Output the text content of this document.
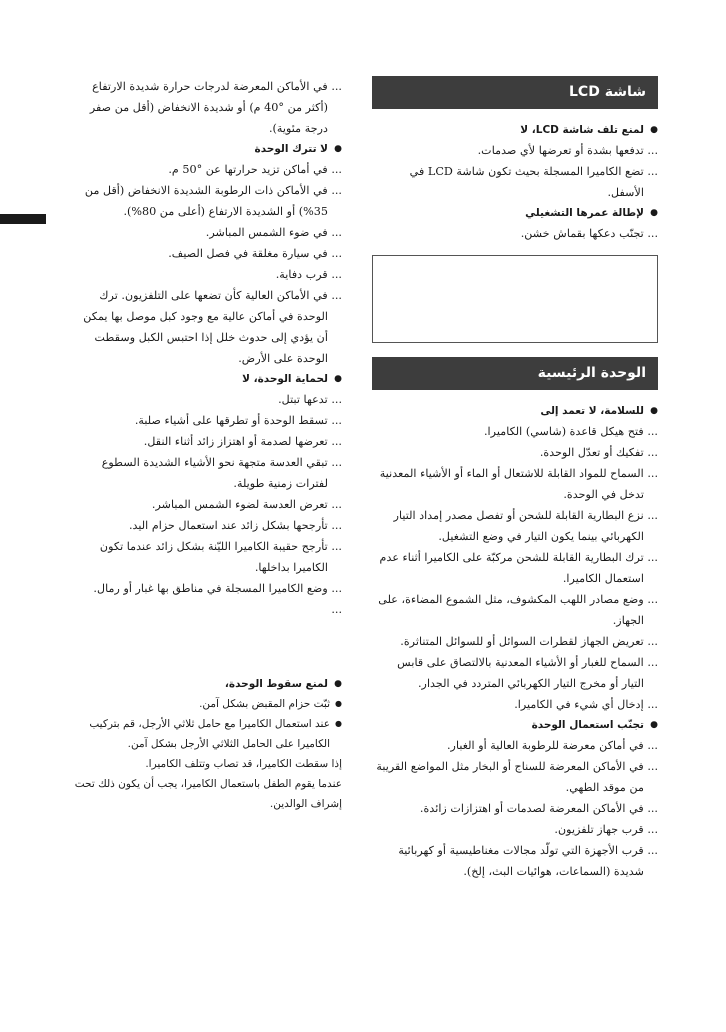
شاشة LCD
● لمنع تلف شاشة LCD، لا
... تدفعها بشدة أو تعرضها لأي صدمات.
... تضع الكاميرا المسجلة بحيث تكون شاشة LCD في الأسفل.
● لإطالة عمرها التشغيلي
... تجنّب دعكها بقماش خشن.
الوحدة الرئيسية
● للسلامة، لا تعمد إلى
... فتح هيكل قاعدة (شاسي) الكاميرا.
... تفكيك أو تعدّل الوحدة.
... السماح للمواد القابلة للاشتعال أو الماء أو الأشياء المعدنية تدخل في الوحدة.
... نزع البطارية القابلة للشحن أو تفصل مصدر إمداد التيار الكهربائي بينما يكون التيار في وضع التشغيل.
... ترك البطارية القابلة للشحن مركبّة على الكاميرا أثناء عدم استعمال الكاميرا.
... وضع مصادر اللهب المكشوف، مثل الشموع المضاءة، على الجهاز.
... تعريض الجهاز لقطرات السوائل أو للسوائل المتناثرة.
... السماح للغبار أو الأشياء المعدنية بالالتصاق على قابس التيار أو مخرج التيار الكهربائي المتردد في الجدار.
... إدخال أي شيء في الكاميرا.
● تجنّب استعمال الوحدة
... في أماكن معرضة للرطوبة العالية أو الغبار.
... في الأماكن المعرضة للسناج أو البخار مثل المواضع القريبة من موقد الطهي.
... في الأماكن المعرضة لصدمات أو اهتزازات زائدة.
... قرب جهاز تلفزيون.
... قرب الأجهزة التي تولّد مجالات مغناطيسية أو كهربائية شديدة (السماعات، هوائيات البث، إلخ).
... في الأماكن المعرضة لدرجات حرارة شديدة الارتفاع (أكثر من °40 م) أو شديدة الانخفاض (أقل من صفر درجة مئوية).
● لا تترك الوحدة
... في أماكن تزيد حرارتها عن °50 م.
... في الأماكن ذات الرطوبة الشديدة الانخفاض (أقل من 35%) أو الشديدة الارتفاع (أعلى من 80%).
... في ضوء الشمس المباشر.
... في سيارة مغلقة في فصل الصيف.
... قرب دفاية.
... في الأماكن العالية كأن تضعها على التلفزيون. ترك الوحدة في أماكن عالية مع وجود كبل موصل بها يمكن أن يؤدي إلى حدوث خلل إذا احتبس الكبل وسقطت الوحدة على الأرض.
● لحماية الوحدة، لا
... تدعها تبتل.
... تسقط الوحدة أو تطرقها على أشياء صلبة.
... تعرضها لصدمة أو اهتزاز زائد أثناء النقل.
... تبقي العدسة متجهة نحو الأشياء الشديدة السطوع لفترات زمنية طويلة.
... تعرض العدسة لضوء الشمس المباشر.
... تأرجحها بشكل زائد عند استعمال حزام اليد.
... تأرجح حقيبة الكاميرا الليّنة بشكل زائد عندما تكون الكاميرا بداخلها.
... وضع الكاميرا المسجلة في مناطق بها غبار أو رمال.
...
● لمنع سقوط الوحدة،
● ثبّت حزام المقبض بشكل آمن.
● عند استعمال الكاميرا مع حامل ثلاثي الأرجل، قم بتركيب الكاميرا على الحامل الثلاثي الأرجل بشكل آمن.
إذا سقطت الكاميرا، قد تصاب وتتلف الكاميرا.
عندما يقوم الطفل باستعمال الكاميرا، يجب أن يكون ذلك تحت إشراف الوالدين.
